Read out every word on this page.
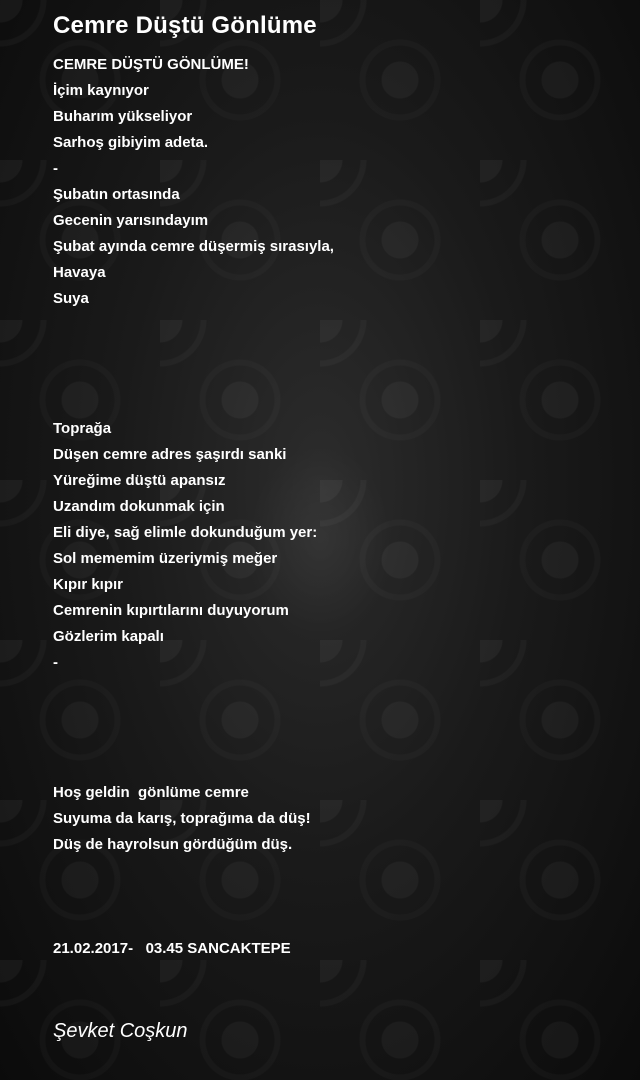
Cemre Düştü Gönlüme
CEMRE DÜŞTÜ GÖNLÜME!
İçim kaynıyor
Buharım yükseliyor
Sarhoş gibiyim adeta.
-
Şubatın ortasında
Gecenin yarısındayım
Şubat ayında cemre düşermiş sırasıyla,
Havaya
Suya
Toprağa
Düşen cemre adres şaşırdı sanki
Yüreğime düştü apansız
Uzandım dokunmak için
Eli diye, sağ elimle dokunduğum yer:
Sol mememim üzeriymiş meğer
Kıpır kıpır
Cemrenin kıpırtılarını duyuyorum
Gözlerim kapalı
-
Hoş geldin  gönlüme cemre
Suyuma da karış, toprağıma da düş!
Düş de hayrolsun gördüğüm düş.
21.02.2017-   03.45 SANCAKTEPE
Şevket Coşkun
